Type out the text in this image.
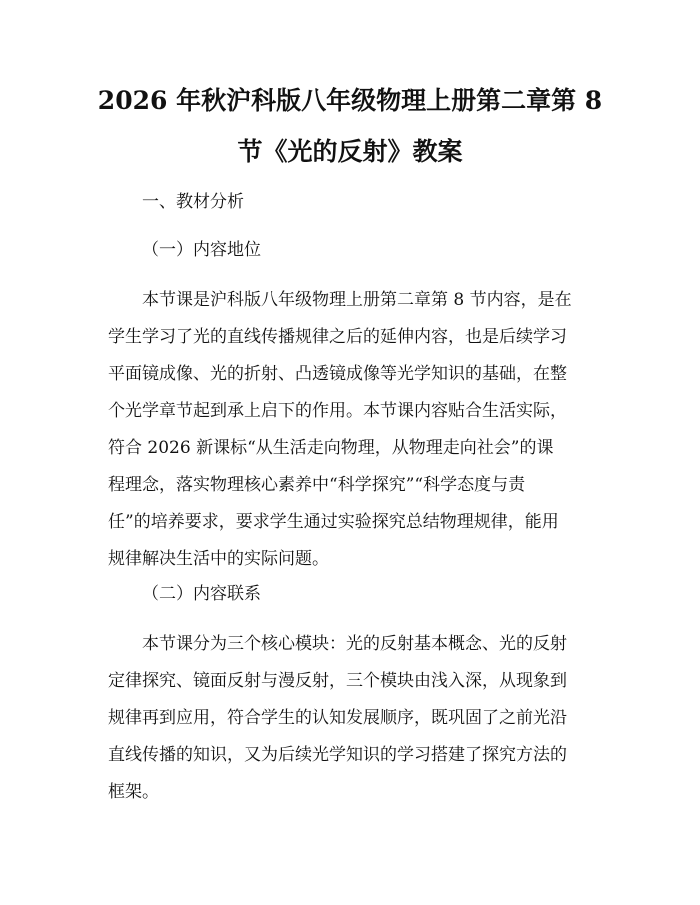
2026 年秋沪科版八年级物理上册第二章第 8
节《光的反射》教案
一、教材分析
（一）内容地位
本节课是沪科版八年级物理上册第二章第 8 节内容，是在
学生学习了光的直线传播规律之后的延伸内容，也是后续学习
平面镜成像、光的折射、凸透镜成像等光学知识的基础，在整
个光学章节起到承上启下的作用。本节课内容贴合生活实际，
符合 2026 新课标“从生活走向物理，从物理走向社会”的课
程理念，落实物理核心素养中“科学探究”“科学态度与责
任”的培养要求，要求学生通过实验探究总结物理规律，能用
规律解决生活中的实际问题。
（二）内容联系
本节课分为三个核心模块：光的反射基本概念、光的反射
定律探究、镜面反射与漫反射，三个模块由浅入深，从现象到
规律再到应用，符合学生的认知发展顺序，既巩固了之前光沿
直线传播的知识，又为后续光学知识的学习搭建了探究方法的
框架。
